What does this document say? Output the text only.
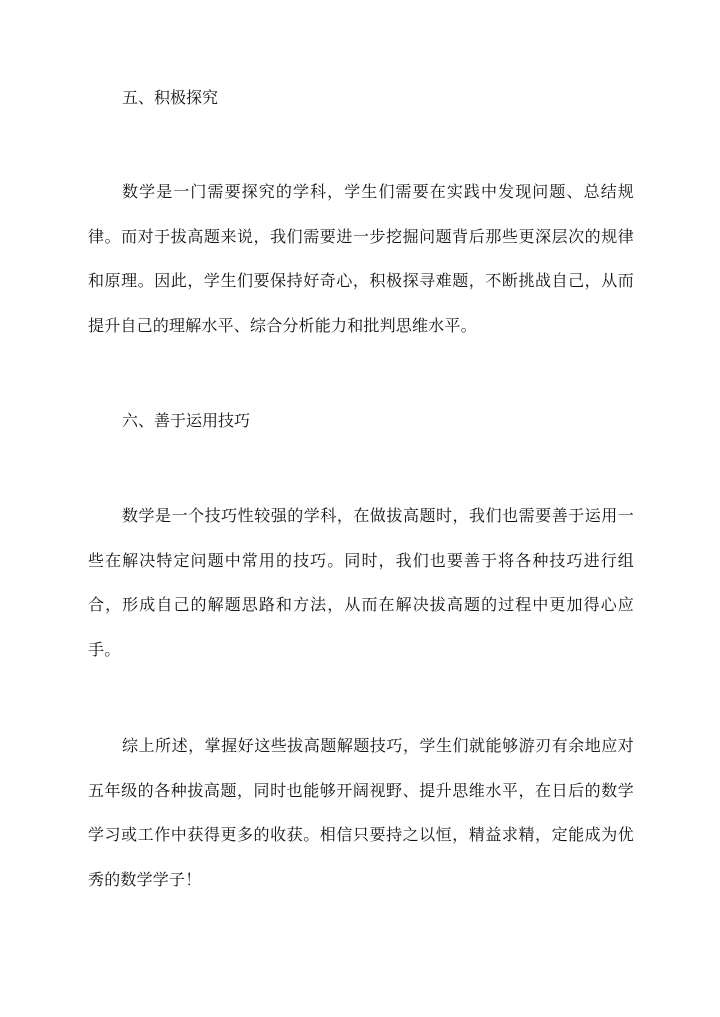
五、积极探究

数学是一门需要探究的学科，学生们需要在实践中发现问题、总结规律。而对于拔高题来说，我们需要进一步挖掘问题背后那些更深层次的规律和原理。因此，学生们要保持好奇心，积极探寻难题，不断挑战自己，从而提升自己的理解水平、综合分析能力和批判思维水平。

六、善于运用技巧

数学是一个技巧性较强的学科，在做拔高题时，我们也需要善于运用一些在解决特定问题中常用的技巧。同时，我们也要善于将各种技巧进行组合，形成自己的解题思路和方法，从而在解决拔高题的过程中更加得心应手。

综上所述，掌握好这些拔高题解题技巧，学生们就能够游刃有余地应对五年级的各种拔高题，同时也能够开阔视野、提升思维水平，在日后的数学学习或工作中获得更多的收获。相信只要持之以恒，精益求精，定能成为优秀的数学学子！
